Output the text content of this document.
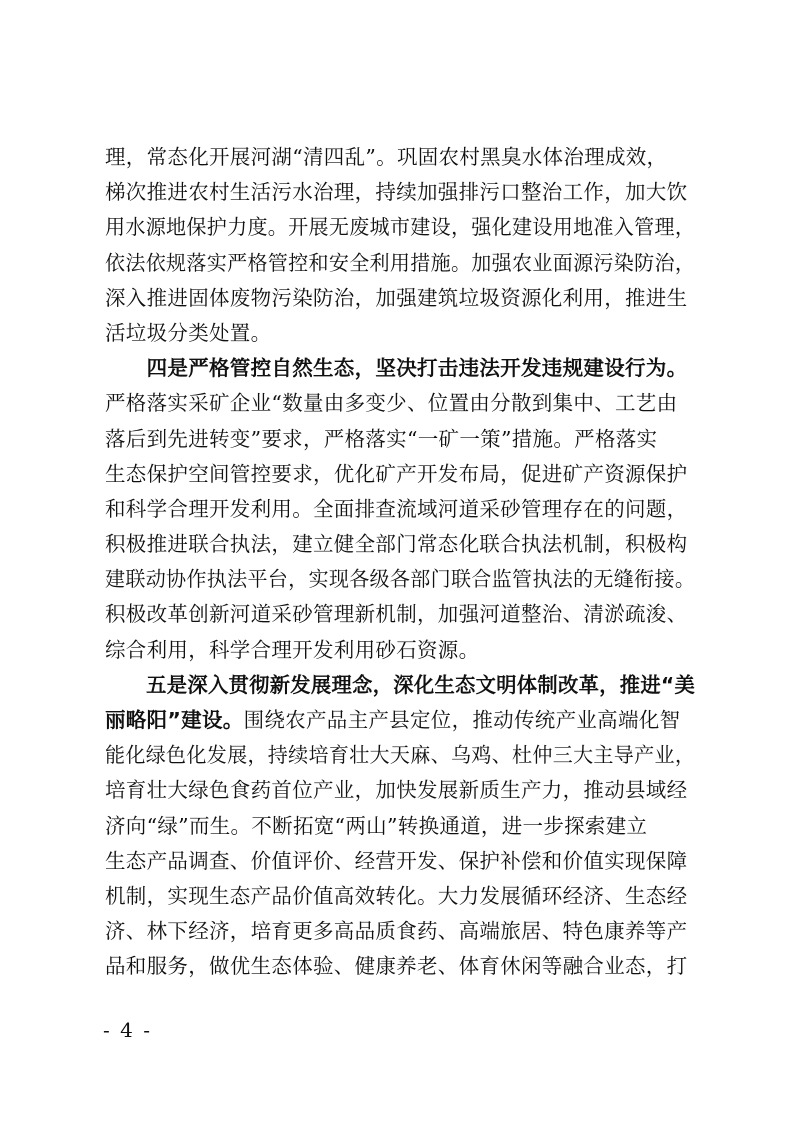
理，常态化开展河湖“清四乱”。巩固农村黑臭水体治理成效，
梯次推进农村生活污水治理，持续加强排污口整治工作，加大饮
用水源地保护力度。开展无废城市建设，强化建设用地准入管理，
依法依规落实严格管控和安全利用措施。加强农业面源污染防治，
深入推进固体废物污染防治，加强建筑垃圾资源化利用，推进生
活垃圾分类处置。
　　四是严格管控自然生态，坚决打击违法开发违规建设行为。
严格落实采矿企业“数量由多变少、位置由分散到集中、工艺由
落后到先进转变”要求，严格落实“一矿一策”措施。严格落实
生态保护空间管控要求，优化矿产开发布局，促进矿产资源保护
和科学合理开发利用。全面排查流域河道采砂管理存在的问题，
积极推进联合执法，建立健全部门常态化联合执法机制，积极构
建联动协作执法平台，实现各级各部门联合监管执法的无缝衔接。
积极改革创新河道采砂管理新机制，加强河道整治、清淤疏浚、
综合利用，科学合理开发利用砂石资源。
　　五是深入贯彻新发展理念，深化生态文明体制改革，推进“美
丽略阳”建设。围绕农产品主产县定位，推动传统产业高端化智
能化绿色化发展，持续培育壮大天麻、乌鸡、杜仲三大主导产业，
培育壮大绿色食药首位产业，加快发展新质生产力，推动县域经
济向“绿”而生。不断拓宽“两山”转换通道，进一步探索建立
生态产品调查、价值评价、经营开发、保护补偿和价值实现保障
机制，实现生态产品价值高效转化。大力发展循环经济、生态经
济、林下经济，培育更多高品质食药、高端旅居、特色康养等产
品和服务，做优生态体验、健康养老、体育休闲等融合业态，打
- 4 -
